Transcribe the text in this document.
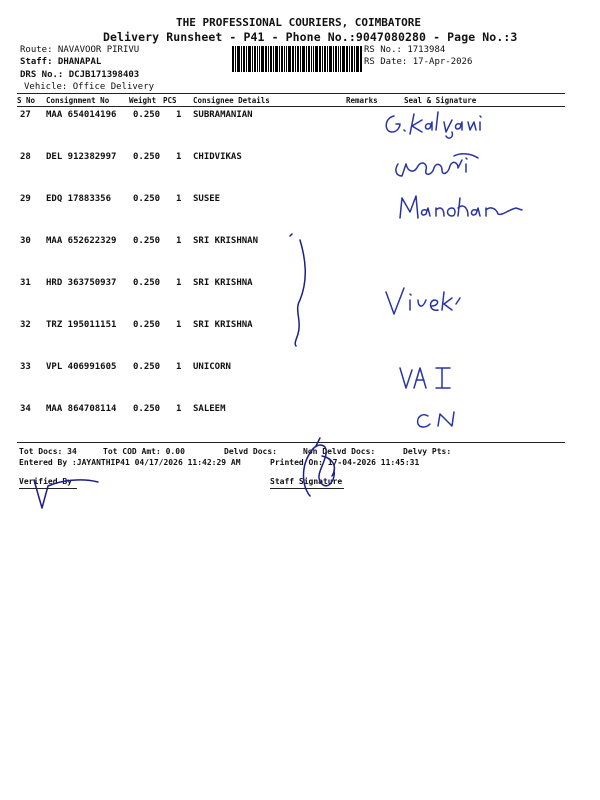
THE PROFESSIONAL COURIERS, COIMBATORE
Delivery Runsheet - P41 - Phone No.:9047080280 - Page No.:3
Route: NAVAVOOR PIRIVU
Staff: DHANAPAL
DRS No.: DCJB171398403
Vehicle: Office Delivery
RS No.: 1713984
RS Date: 17-Apr-2026
S No Consignment No	Weight PCS Consignee Details	Remarks	Seal & Signature
27 MAA 654014196 0.250 1 SUBRAMANIAN
28 DEL 912382997 0.250 1 CHIDVIKAS
29 EDQ 17883356 0.250 1 SUSEE
30 MAA 652622329 0.250 1 SRI KRISHNAN
31 HRD 363750937 0.250 1 SRI KRISHNA
32 TRZ 195011151 0.250 1 SRI KRISHNA
33 VPL 406991605 0.250 1 UNICORN
34 MAA 864708114 0.250 1 SALEEM
Tot Docs: 34	Tot COD Amt: 0.00	Delvd Docs:	Non Delvd Docs:	Delvy Pts:
Entered By :JAYANTHIP41 04/17/2026 11:42:29 AM	Printed On: 17-04-2026 11:45:31
Verified By	Staff Signature
